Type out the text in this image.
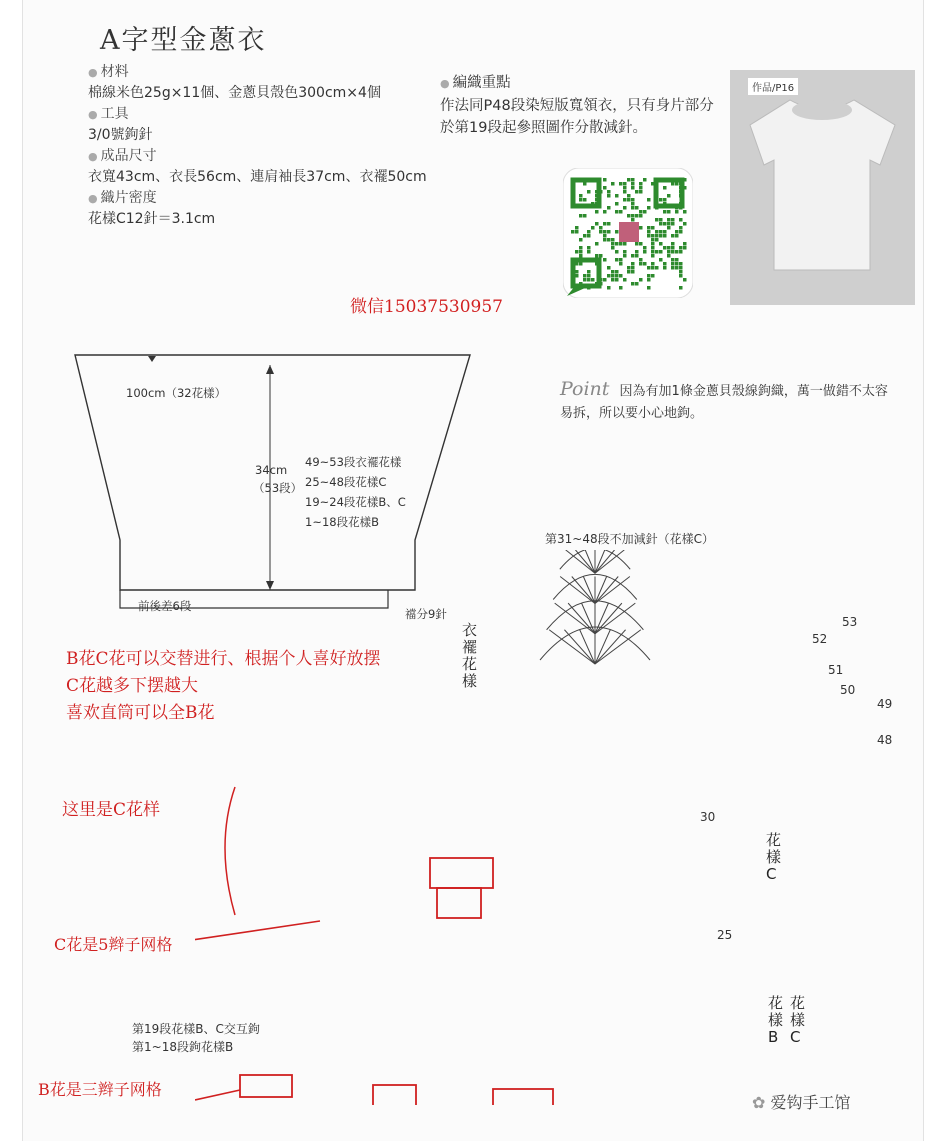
A字型金蔥衣
● 材料
棉線米色25g×11個、金蔥貝殼色300cm×4個
● 工具
3/0號鉤針
● 成品尺寸
衣寬43cm、衣長56cm、連肩袖長37cm、衣襬50cm
● 織片密度
花樣C12針＝3.1cm
● 編織重點
作法同P48段染短版寬領衣，只有身片部分於第19段起參照圖作分散減針。
作品/P16
微信15037530957
Point 因為有加1條金蔥貝殼線鉤織，萬一做錯不太容易拆，所以要小心地鉤。
100cm（32花樣）
34cm
（53段）
49~53段衣襬花樣
25~48段花樣C
19~24段花樣B、C
1~18段花樣B
前後差6段
襠分9針
B花C花可以交替进行、根据个人喜好放摆
C花越多下摆越大
喜欢直筒可以全B花
这里是C花样
C花是5辫子网格
B花是三辫子网格
第31~48段不加減針（花樣C）
衣襬花樣
53
52
51
50
49
48
30
25
花樣C
花樣B
花樣C
第19段花樣B、C交互鉤
第1~18段鉤花樣B
✿ 爱钩手工馆
